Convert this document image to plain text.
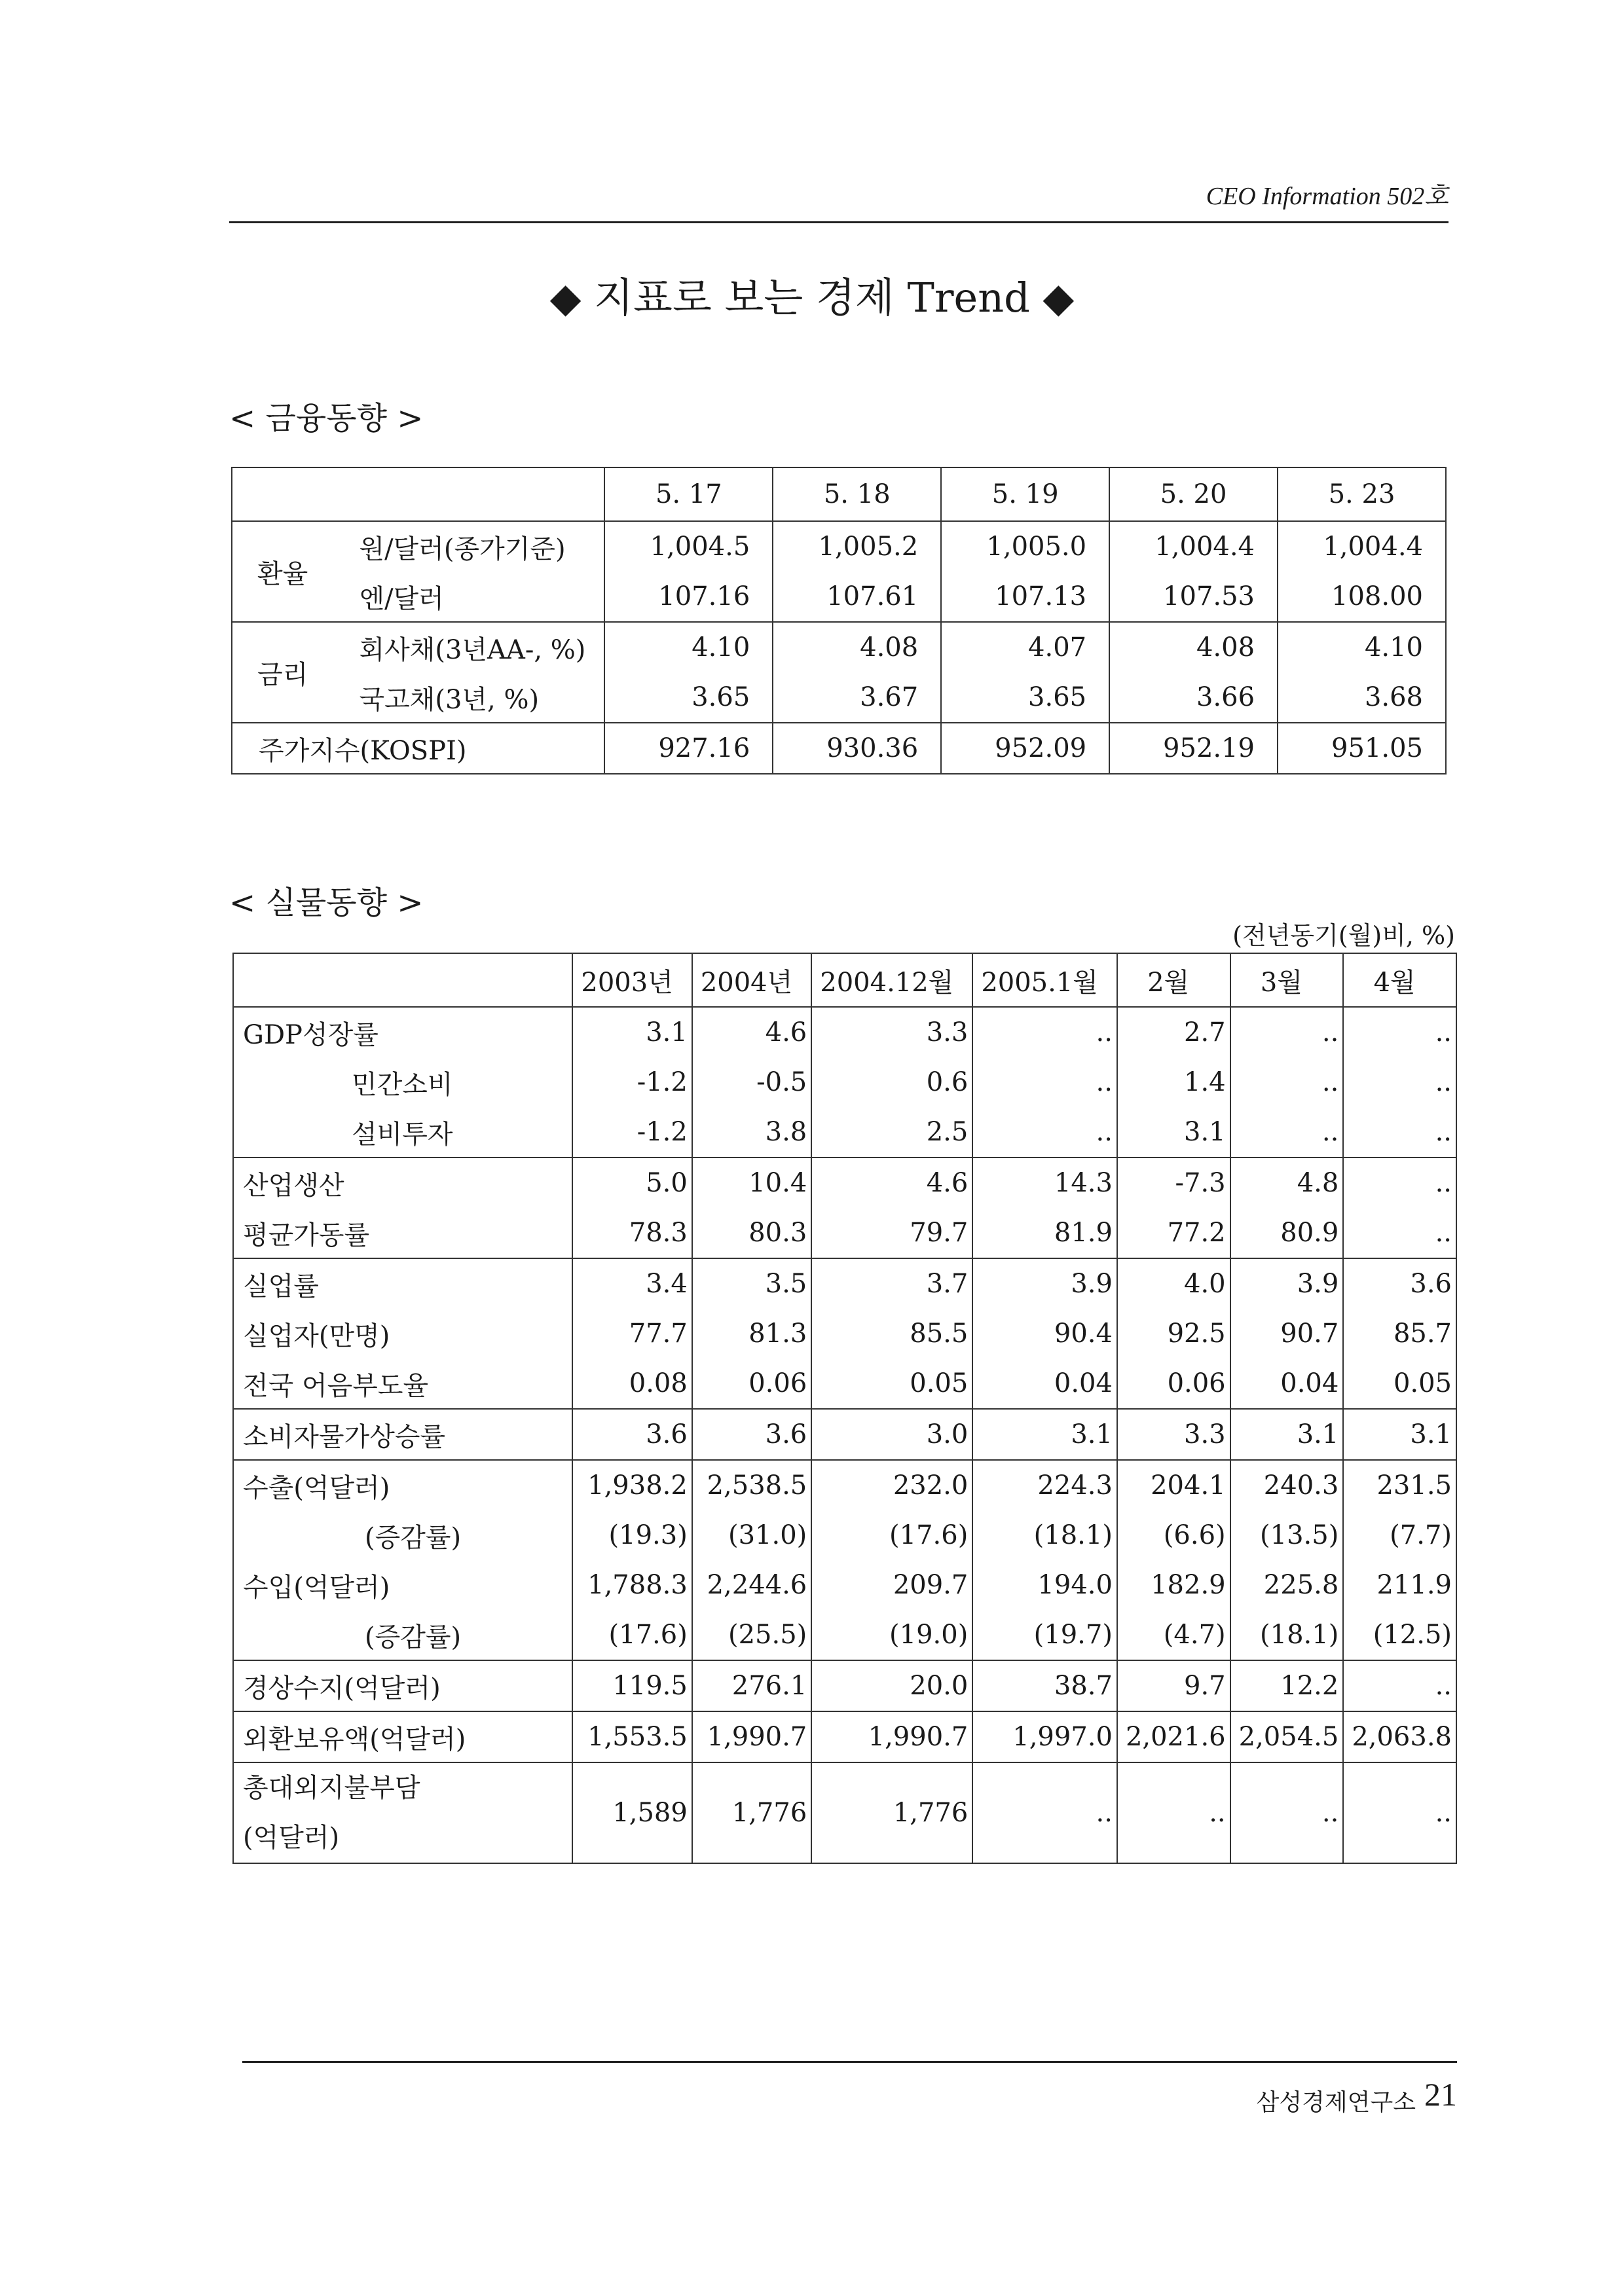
CEO Information 502호
◆ 지표로 보는 경제 Trend ◆
< 금융동향 >
		5. 17	5. 18	5. 19	5. 20	5. 23
환율	원/달러(종가기준)	1,004.5	1,005.2	1,005.0	1,004.4	1,004.4
	엔/달러	107.16	107.61	107.13	107.53	108.00
금리	회사채(3년AA-, %)	4.10	4.08	4.07	4.08	4.10
	국고채(3년, %)	3.65	3.67	3.65	3.66	3.68
주가지수(KOSPI)		927.16	930.36	952.09	952.19	951.05
< 실물동향 >
(전년동기(월)비, %)
	2003년	2004년	2004.12월	2005.1월	2월	3월	4월
GDP성장률	3.1	4.6	3.3	..	2.7	..	..
민간소비	-1.2	-0.5	0.6	..	1.4	..	..
설비투자	-1.2	3.8	2.5	..	3.1	..	..
산업생산	5.0	10.4	4.6	14.3	-7.3	4.8	..
평균가동률	78.3	80.3	79.7	81.9	77.2	80.9	..
실업률	3.4	3.5	3.7	3.9	4.0	3.9	3.6
실업자(만명)	77.7	81.3	85.5	90.4	92.5	90.7	85.7
전국 어음부도율	0.08	0.06	0.05	0.04	0.06	0.04	0.05
소비자물가상승률	3.6	3.6	3.0	3.1	3.3	3.1	3.1
수출(억달러)	1,938.2	2,538.5	232.0	224.3	204.1	240.3	231.5
(증감률)	(19.3)	(31.0)	(17.6)	(18.1)	(6.6)	(13.5)	(7.7)
수입(억달러)	1,788.3	2,244.6	209.7	194.0	182.9	225.8	211.9
(증감률)	(17.6)	(25.5)	(19.0)	(19.7)	(4.7)	(18.1)	(12.5)
경상수지(억달러)	119.5	276.1	20.0	38.7	9.7	12.2	..
외환보유액(억달러)	1,553.5	1,990.7	1,990.7	1,997.0	2,021.6	2,054.5	2,063.8

총대외지불부담
(억달러)	1,589	1,776	1,776	..	..	..	..
삼성경제연구소 21
